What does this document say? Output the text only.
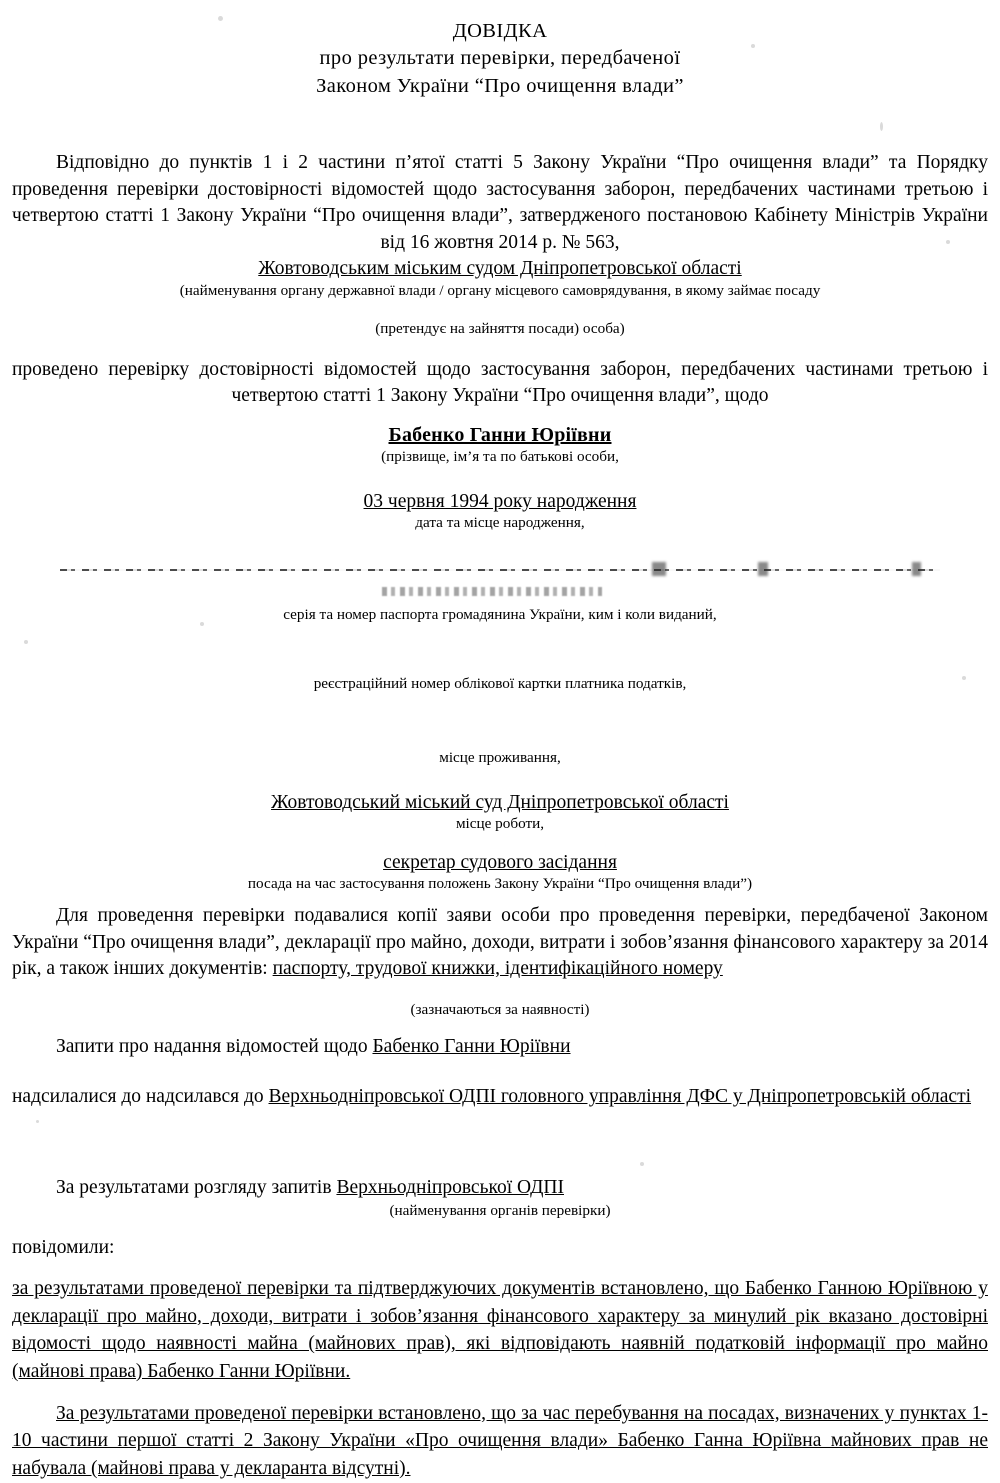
ДОВІДКА
про результати перевірки, передбаченої
Законом України “Про очищення влади”
Відповідно до пунктів 1 і 2 частини п’ятої статті 5 Закону України “Про очищення влади” та Порядку проведення перевірки достовірності відомостей щодо застосування заборон, передбачених частинами третьою і четвертою статті 1 Закону України “Про очищення влади”, затвердженого постановою Кабінету Міністрів України від 16 жовтня 2014 р. № 563,
Жовтоводським міським судом Дніпропетровської області
(найменування органу державної влади / органу місцевого самоврядування, в якому займає посаду
(претендує на зайняття посади) особа)
проведено перевірку достовірності відомостей щодо застосування заборон, передбачених частинами третьою і четвертою статті 1 Закону України “Про очищення влади”, щодо
Бабенко Ганни Юріївни
(прізвище, ім’я та по батькові особи,
03 червня 1994 року народження
дата та місце народження,
серія та номер паспорта громадянина України, ким і коли виданий,
реєстраційний номер облікової картки платника податків,
місце проживання,
Жовтоводський міський суд Дніпропетровської області
місце роботи,
секретар судового засідання
посада на час застосування положень Закону України “Про очищення влади”)
Для проведення перевірки подавалися копії заяви особи про проведення перевірки, передбаченої Законом України “Про очищення влади”, декларації про майно, доходи, витрати і зобов’язання фінансового характеру за 2014 рік, а також інших документів: паспорту, трудової книжки, ідентифікаційного номеру
(зазначаються за наявності)
Запити про надання відомостей щодо Бабенко Ганни Юріївни
надсилалися до надсилався до Верхньодніпровської ОДПІ головного управління ДФС у Дніпропетровській області
За результатами розгляду запитів Верхньодніпровської ОДПІ
(найменування органів перевірки)
повідомили:
за результатами проведеної перевірки та підтверджуючих документів встановлено, що Бабенко Ганною Юріївною у декларації про майно, доходи, витрати і зобов’язання фінансового характеру за минулий рік вказано достовірні відомості щодо наявності майна (майнових прав), які відповідають наявній податковій інформації про майно (майнові права) Бабенко Ганни Юріївни.
За результатами проведеної перевірки встановлено, що за час перебування на посадах, визначених у пунктах 1-10 частини першої статті 2 Закону України «Про очищення влади» Бабенко Ганна Юріївна майнових прав не набувала (майнові права у декларанта відсутні).
